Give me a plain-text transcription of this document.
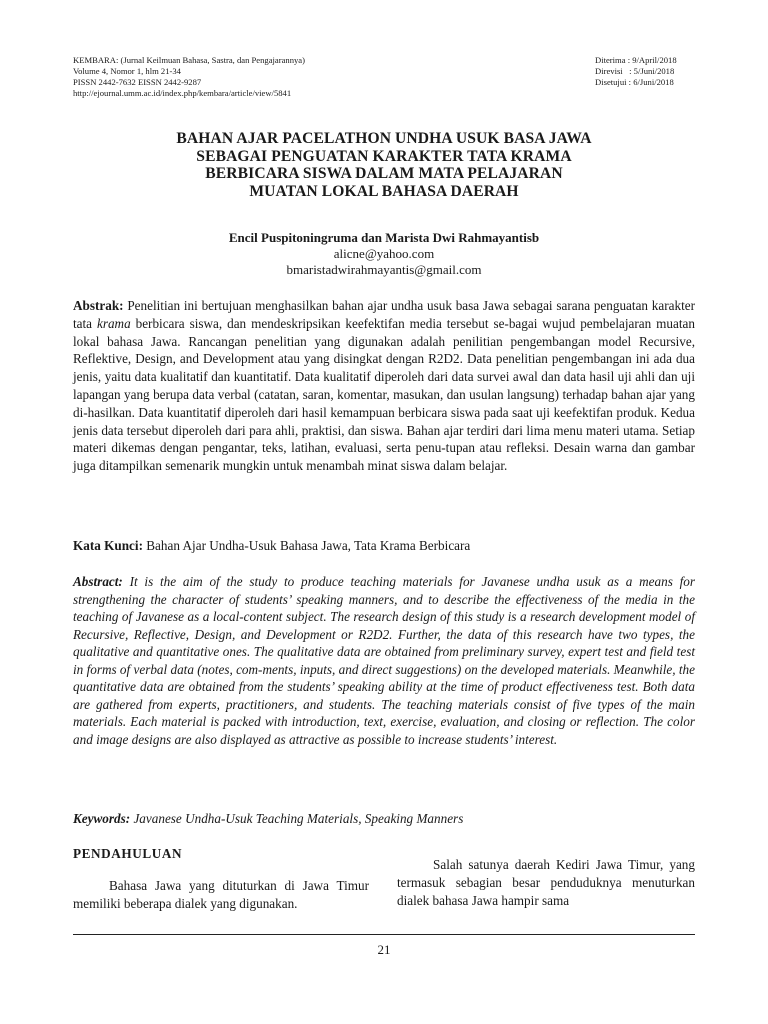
KEMBARA: (Jurnal Keilmuan Bahasa, Sastra, dan Pengajarannya)
Volume 4, Nomor 1, hlm 21-34
PISSN 2442-7632 EISSN 2442-9287
http://ejournal.umm.ac.id/index.php/kembara/article/view/5841
Diterima : 9/April/2018
Direvisi   : 5/Juni/2018
Disetujui : 6/Juni/2018
BAHAN AJAR PACELATHON UNDHA USUK BASA JAWA
SEBAGAI PENGUATAN KARAKTER TATA KRAMA
BERBICARA SISWA DALAM MATA PELAJARAN
MUATAN LOKAL BAHASA DAERAH
Encil Puspitoningruma dan Marista Dwi Rahmayantisb
alicne@yahoo.com
bmaristadwirahmayantis@gmail.com
Abstrak: Penelitian ini bertujuan menghasilkan bahan ajar undha usuk basa Jawa sebagai sarana penguatan karakter tata krama berbicara siswa, dan mendeskripsikan keefektifan media tersebut se-bagai wujud pembelajaran muatan lokal bahasa Jawa. Rancangan penelitian yang digunakan adalah penilitian pengembangan model Recursive, Reflektive, Design, and Development atau yang disingkat dengan R2D2. Data penelitian pengembangan ini ada dua jenis, yaitu data kualitatif dan kuantitatif. Data kualitatif diperoleh dari data survei awal dan data hasil uji ahli dan uji lapangan yang berupa data verbal (catatan, saran, komentar, masukan, dan usulan langsung) terhadap bahan ajar yang di-hasilkan. Data kuantitatif diperoleh dari hasil kemampuan berbicara siswa pada saat uji keefektifan produk. Kedua jenis data tersebut diperoleh dari para ahli, praktisi, dan siswa. Bahan ajar terdiri dari lima menu materi utama. Setiap materi dikemas dengan pengantar, teks, latihan, evaluasi, serta penu-tupan atau refleksi. Desain warna dan gambar juga ditampilkan semenarik mungkin untuk menambah minat siswa dalam belajar.
Kata Kunci: Bahan Ajar Undha-Usuk Bahasa Jawa, Tata Krama Berbicara
Abstract: It is the aim of the study to produce teaching materials for Javanese undha usuk as a means for strengthening the character of students’ speaking manners, and to describe the effectiveness of the media in the teaching of Javanese as a local-content subject. The research design of this study is a research development model of Recursive, Reflective, Design, and Development or R2D2. Further, the data of this research have two types, the qualitative and quantitative ones. The qualitative data are obtained from preliminary survey, expert test and field test in forms of verbal data (notes, com-ments, inputs, and direct suggestions) on the developed materials. Meanwhile, the quantitative data are obtained from the students’ speaking ability at the time of product effectiveness test. Both data are gathered from experts, practitioners, and students. The teaching materials consist of five types of the main materials. Each material is packed with introduction, text, exercise, evaluation, and closing or reflection. The color and image designs are also displayed as attractive as possible to increase students’ interest.
Keywords: Javanese Undha-Usuk Teaching Materials, Speaking Manners
PENDAHULUAN
Bahasa Jawa yang dituturkan di Jawa Timur memiliki beberapa dialek yang digunakan.
Salah satunya daerah Kediri Jawa Timur, yang termasuk sebagian besar penduduknya menuturkan dialek bahasa Jawa hampir sama
21
